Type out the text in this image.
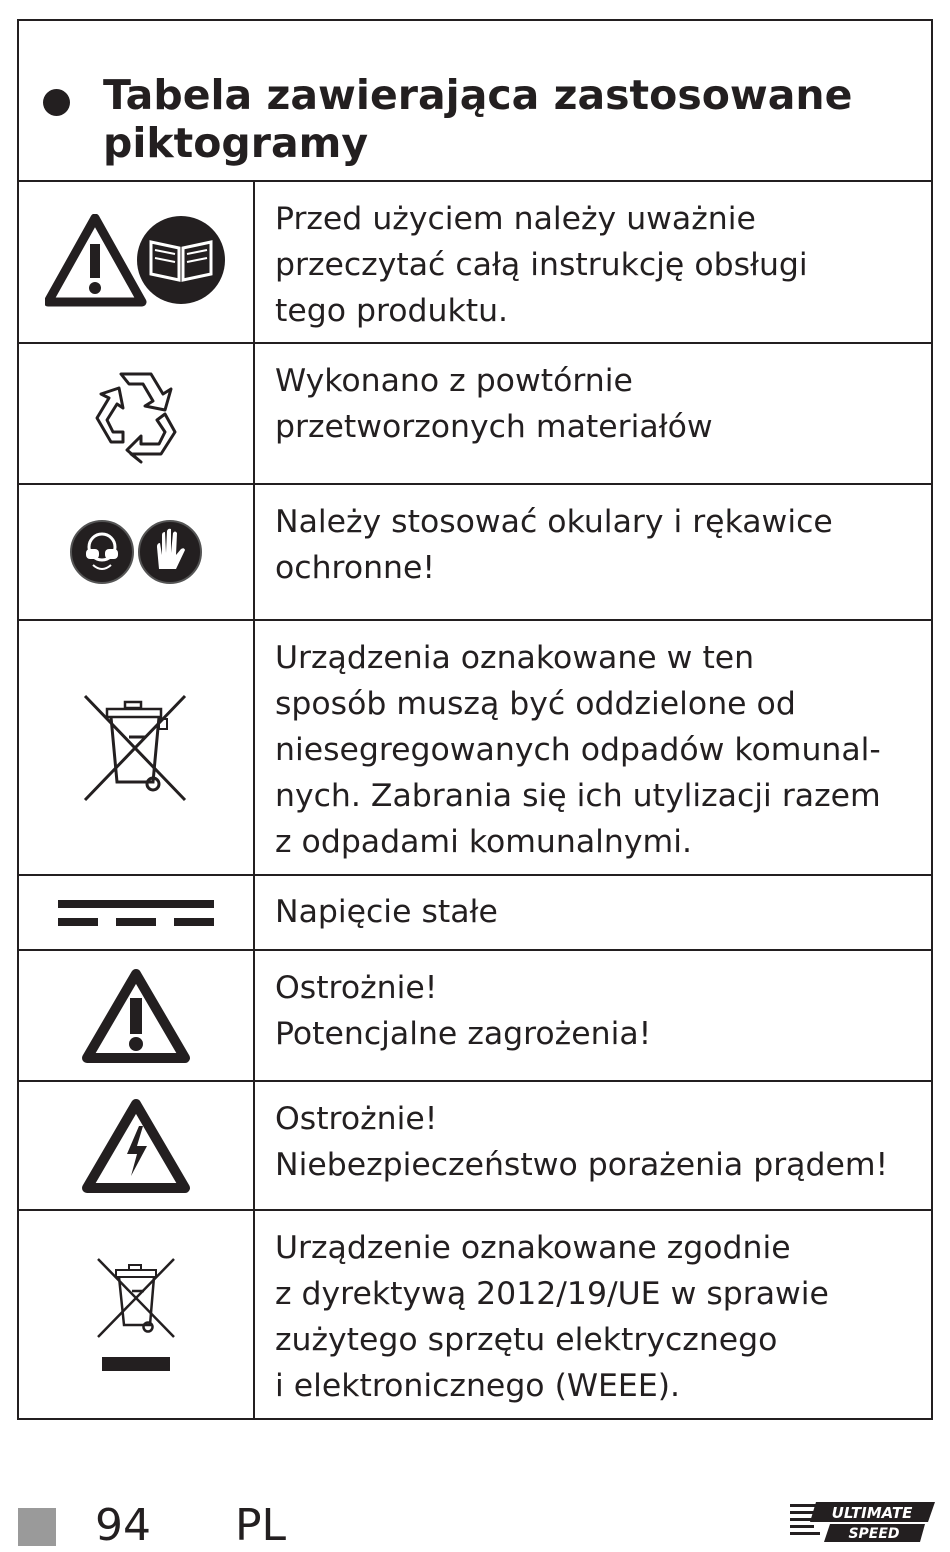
Tabela zawierająca zastosowane piktogramy
Przed użyciem należy uważnie
przeczytać całą instrukcję obsługi
tego produktu.
Wykonano z powtórnie
przetworzonych materiałów
Należy stosować okulary i rękawice
ochronne!
Urządzenia oznakowane w ten
sposób muszą być oddzielone od
niesegregowanych odpadów komunal-
nych. Zabrania się ich utylizacji razem
z odpadami komunalnymi.
Napięcie stałe
Ostrożnie!
Potencjalne zagrożenia!
Ostrożnie!
Niebezpieczeństwo porażenia prądem!
Urządzenie oznakowane zgodnie
z dyrektywą 2012/19/UE w sprawie
zużytego sprzętu elektrycznego
i elektronicznego (WEEE).
94 PL	ULTIMATE
SPEED
